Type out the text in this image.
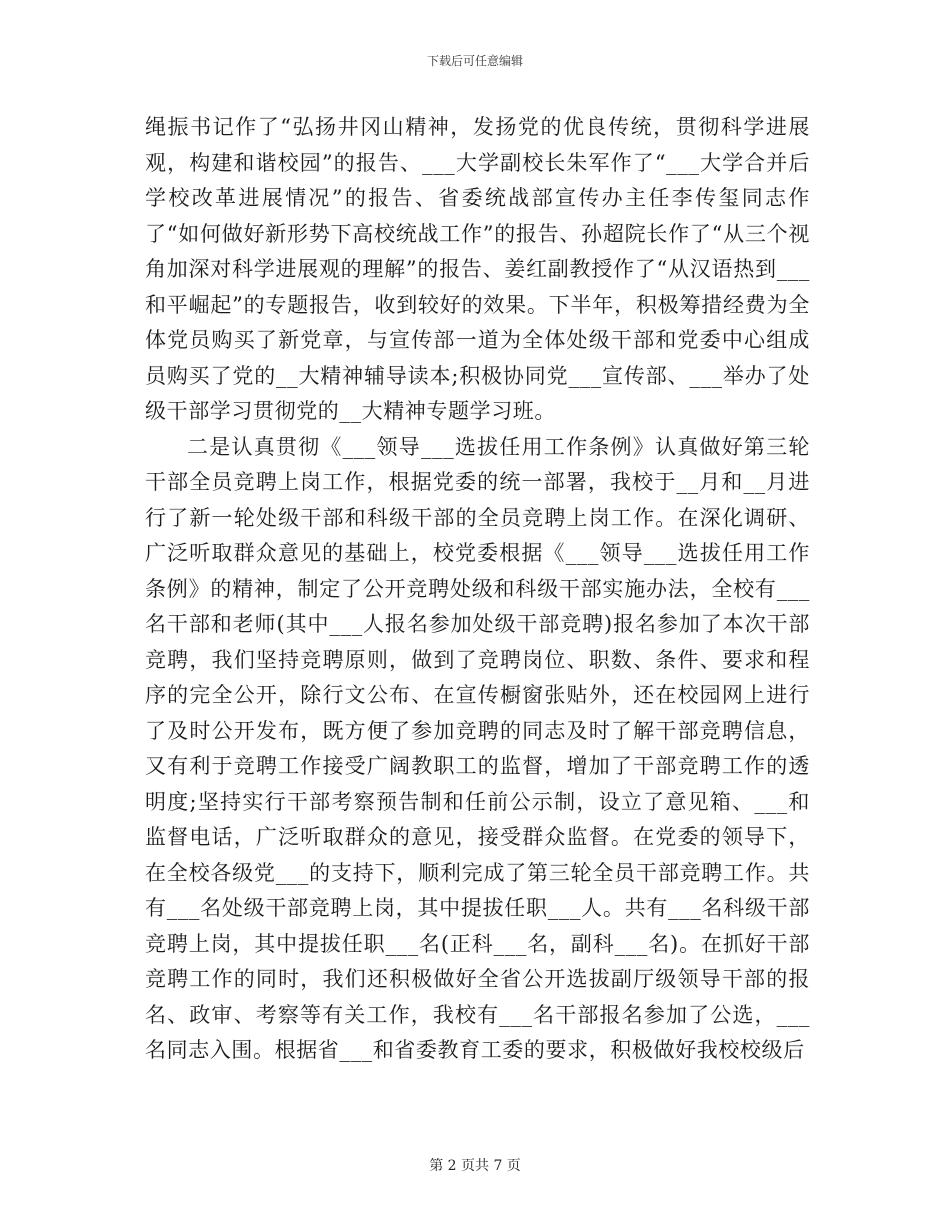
下载后可任意编辑

绳振书记作了“弘扬井冈山精神，发扬党的优良传统，贯彻科学进展观，构建和谐校园”的报告、___大学副校长朱军作了“___大学合并后学校改革进展情况”的报告、省委统战部宣传办主任李传玺同志作了“如何做好新形势下高校统战工作”的报告、孙超院长作了“从三个视角加深对科学进展观的理解”的报告、姜红副教授作了“从汉语热到___和平崛起”的专题报告，收到较好的效果。下半年，积极筹措经费为全体党员购买了新党章，与宣传部一道为全体处级干部和党委中心组成员购买了党的__大精神辅导读本;积极协同党___宣传部、___举办了处级干部学习贯彻党的__大精神专题学习班。

二是认真贯彻《___领导___选拔任用工作条例》认真做好第三轮干部全员竞聘上岗工作，根据党委的统一部署，我校于__月和__月进行了新一轮处级干部和科级干部的全员竞聘上岗工作。在深化调研、广泛听取群众意见的基础上，校党委根据《___领导___选拔任用工作条例》的精神，制定了公开竞聘处级和科级干部实施办法，全校有___名干部和老师(其中___人报名参加处级干部竞聘)报名参加了本次干部竞聘，我们坚持竞聘原则，做到了竞聘岗位、职数、条件、要求和程序的完全公开，除行文公布、在宣传橱窗张贴外，还在校园网上进行了及时公开发布，既方便了参加竞聘的同志及时了解干部竞聘信息，又有利于竞聘工作接受广阔教职工的监督，增加了干部竞聘工作的透明度;坚持实行干部考察预告制和任前公示制，设立了意见箱、___和监督电话，广泛听取群众的意见，接受群众监督。在党委的领导下，在全校各级党___的支持下，顺利完成了第三轮全员干部竞聘工作。共有___名处级干部竞聘上岗，其中提拔任职___人。共有___名科级干部竞聘上岗，其中提拔任职___名(正科___名，副科___名)。在抓好干部竞聘工作的同时，我们还积极做好全省公开选拔副厅级领导干部的报名、政审、考察等有关工作，我校有___名干部报名参加了公选，___名同志入围。根据省___和省委教育工委的要求，积极做好我校校级后

第 2 页共 7 页
